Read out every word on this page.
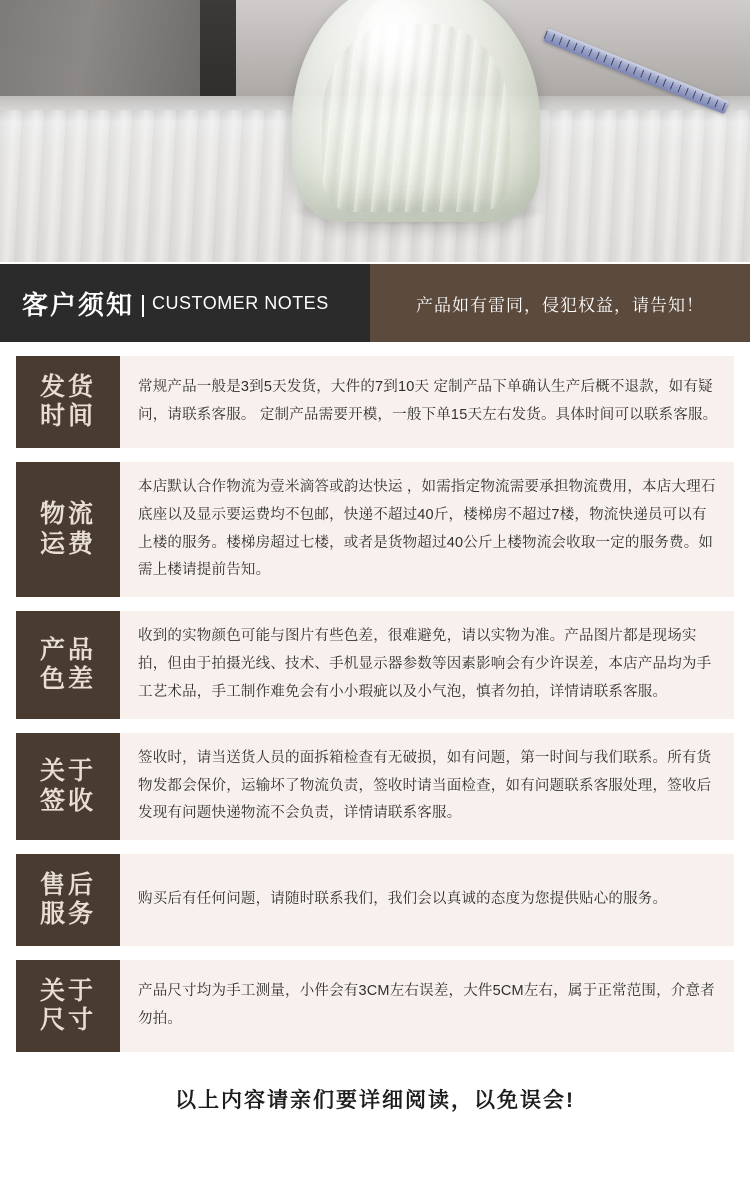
客户须知 CUSTOMER NOTES	产品如有雷同，侵犯权益，请告知！
发货
时间
常规产品一般是3到5天发货，大件的7到10天 定制产品下单确认生产后概不退款，如有疑问，请联系客服。 定制产品需要开模，一般下单15天左右发货。具体时间可以联系客服。
物流
运费
本店默认合作物流为壹米滴答或韵达快运 ，如需指定物流需要承担物流费用，本店大理石底座以及显示要运费均不包邮，快递不超过40斤，楼梯房不超过7楼，物流快递员可以有上楼的服务。楼梯房超过七楼，或者是货物超过40公斤上楼物流会收取一定的服务费。如需上楼请提前告知。
产品
色差
收到的实物颜色可能与图片有些色差，很难避免，请以实物为准。产品图片都是现场实拍，但由于拍摄光线、技术、手机显示器参数等因素影响会有少许误差，本店产品均为手工艺术品，手工制作难免会有小小瑕疵以及小气泡，慎者勿拍，详情请联系客服。
关于
签收
签收时，请当送货人员的面拆箱检查有无破损，如有问题，第一时间与我们联系。所有货物发都会保价，运输坏了物流负责，签收时请当面检查，如有问题联系客服处理，签收后发现有问题快递物流不会负责，详情请联系客服。
售后
服务
购买后有任何问题，请随时联系我们，我们会以真诚的态度为您提供贴心的服务。
关于
尺寸
产品尺寸均为手工测量，小件会有3CM左右误差，大件5CM左右，属于正常范围，介意者勿拍。
以上内容请亲们要详细阅读，以免误会!
